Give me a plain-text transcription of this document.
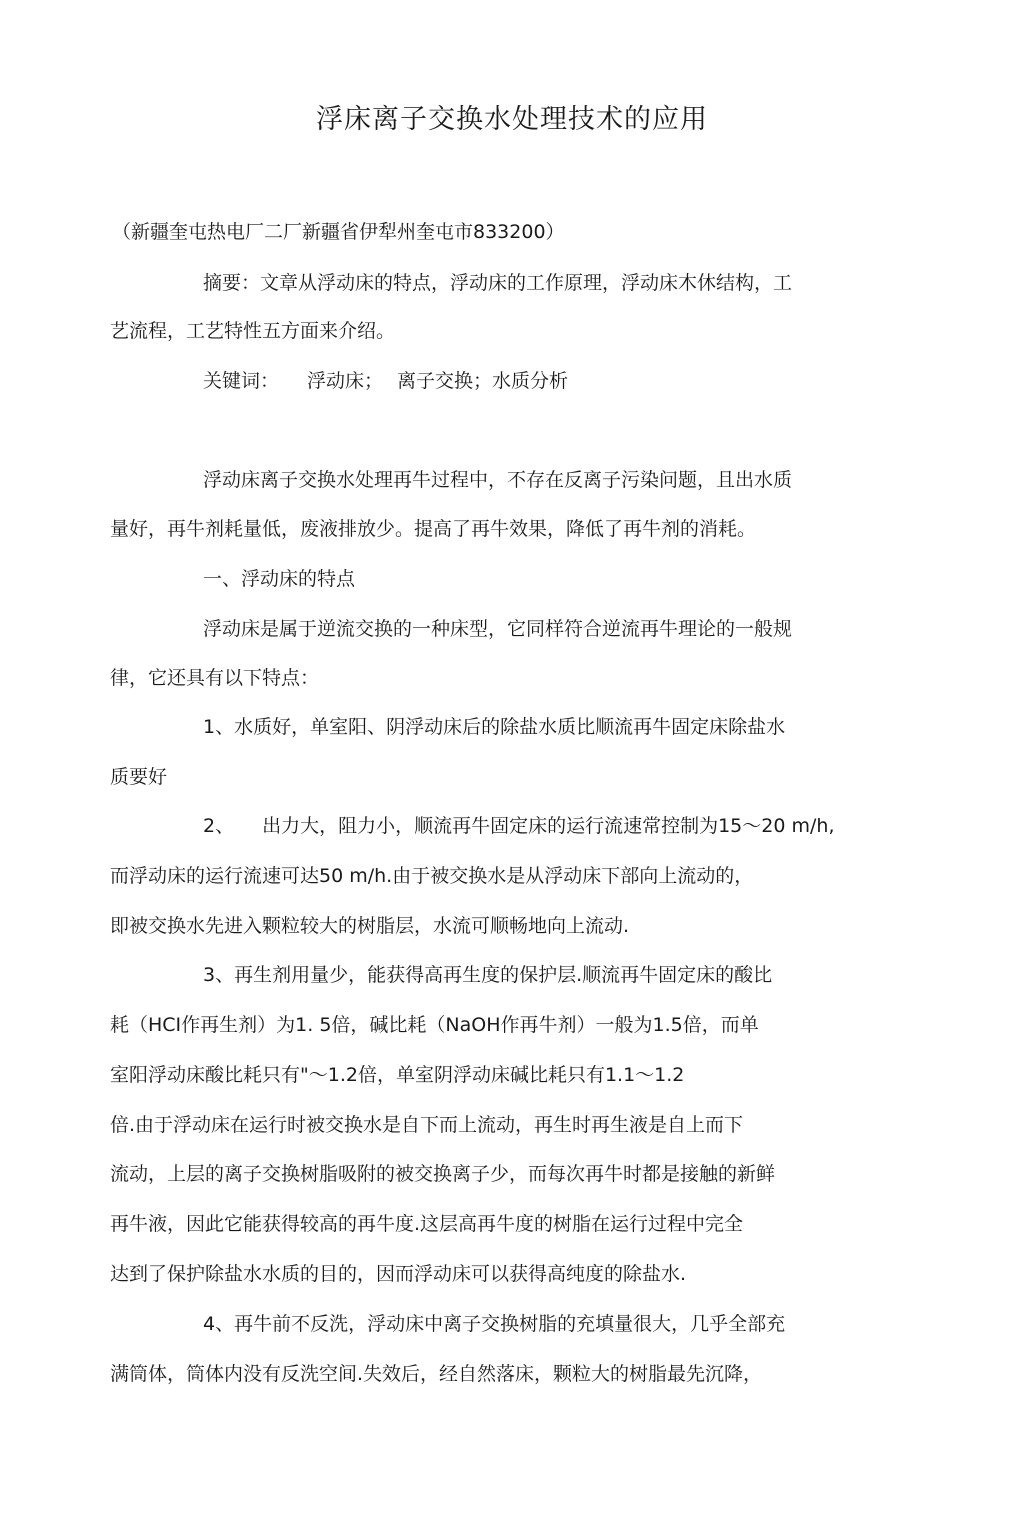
浮床离子交换水处理技术的应用
（新疆奎屯热电厂二厂新疆省伊犁州奎屯市833200）
摘要：文章从浮动床的特点，浮动床的工作原理，浮动床木休结构，工
艺流程，工艺特性五方面来介绍。
关键词： 浮动床； 离子交换；水质分析
浮动床离子交换水处理再牛过程中，不存在反离子污染问题，且出水质
量好，再牛剂耗量低，废液排放少。提高了再牛效果，降低了再牛剂的消耗。
一、浮动床的特点
浮动床是属于逆流交换的一种床型，它同样符合逆流再牛理论的一般规
律，它还具有以下特点：
1、水质好，单室阳、阴浮动床后的除盐水质比顺流再牛固定床除盐水
质要好
2、 出力大，阻力小，顺流再牛固定床的运行流速常控制为15～20 m/h,
而浮动床的运行流速可达50 m/h.由于被交换水是从浮动床下部向上流动的，
即被交换水先进入颗粒较大的树脂层，水流可顺畅地向上流动.
3、再生剂用量少，能获得高再生度的保护层.顺流再牛固定床的酸比
耗（HCI作再生剂）为1. 5倍，碱比耗（NaOH作再牛剂）一般为1.5倍，而单
室阳浮动床酸比耗只有"～1.2倍，单室阴浮动床碱比耗只有1.1～1.2
倍.由于浮动床在运行时被交换水是自下而上流动，再生时再生液是自上而下
流动，上层的离子交换树脂吸附的被交换离子少，而每次再牛时都是接触的新鲜
再牛液，因此它能获得较高的再牛度.这层高再牛度的树脂在运行过程中完全
达到了保护除盐水水质的目的，因而浮动床可以获得高纯度的除盐水.
4、再牛前不反洗，浮动床中离子交换树脂的充填量很大，几乎全部充
满筒体，筒体内没有反洗空间.失效后，经自然落床，颗粒大的树脂最先沉降，
